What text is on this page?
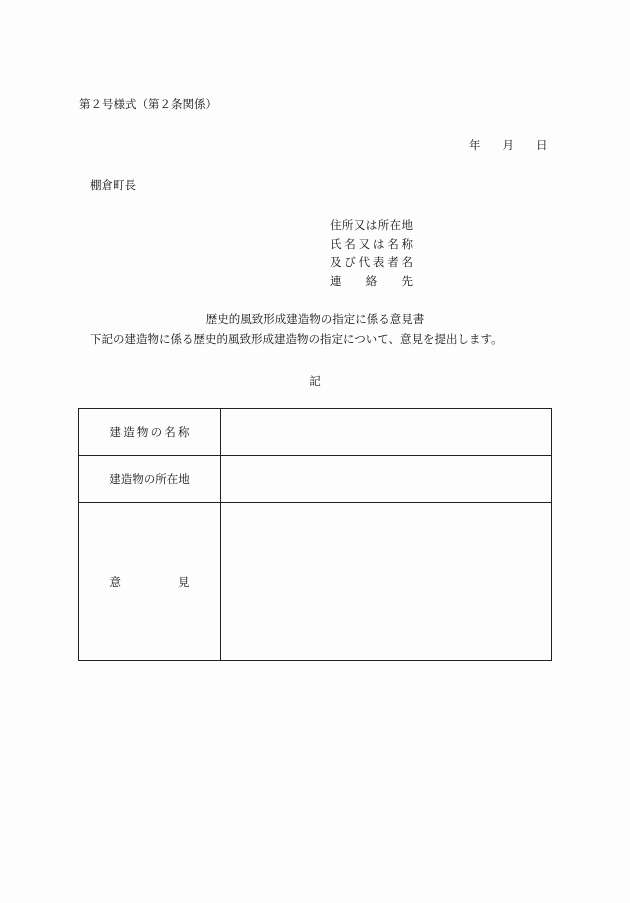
第２号様式（第２条関係）
年 月 日
棚倉町長
住所又は所在地
氏名又は名称
及び代表者名
連絡先
歴史的風致形成建造物の指定に係る意見書
下記の建造物に係る歴史的風致形成建造物の指定について、意見を提出します。
記
建造物の名称	
建造物の所在地	
意見	
